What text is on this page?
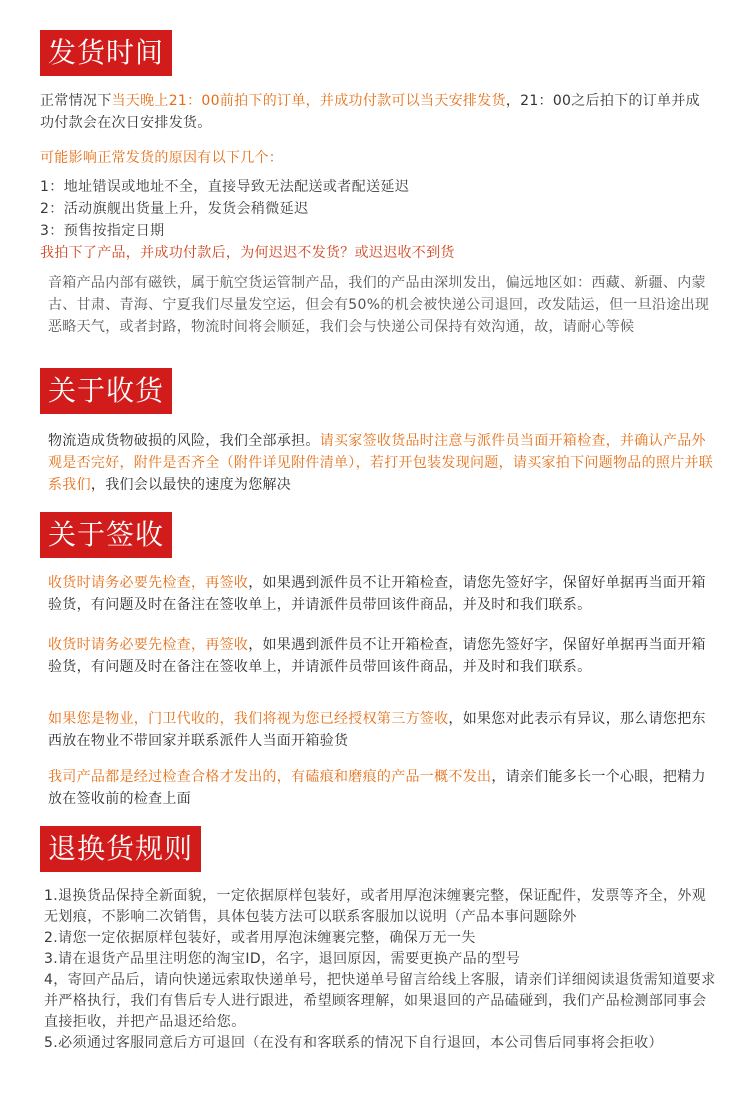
发货时间

正常情况下当天晚上21：00前拍下的订单，并成功付款可以当天安排发货，21：00之后拍下的订单并成功付款会在次日安排发货。

可能影响正常发货的原因有以下几个：

1：地址错误或地址不全，直接导致无法配送或者配送延迟
2：活动旗舰出货量上升，发货会稍微延迟
3：预售按指定日期

我拍下了产品，并成功付款后，为何迟迟不发货？或迟迟收不到货

音箱产品内部有磁铁，属于航空货运管制产品，我们的产品由深圳发出，偏远地区如：西藏、新疆、内蒙古、甘肃、青海、宁夏我们尽量发空运，但会有50%的机会被快递公司退回，改发陆运，但一旦沿途出现恶略天气，或者封路，物流时间将会顺延，我们会与快递公司保持有效沟通，故，请耐心等候

关于收货

物流造成货物破损的风险，我们全部承担。请买家签收货品时注意与派件员当面开箱检查，并确认产品外观是否完好，附件是否齐全（附件详见附件清单），若打开包装发现问题，请买家拍下问题物品的照片并联系我们，我们会以最快的速度为您解决

关于签收

收货时请务必要先检查，再签收，如果遇到派件员不让开箱检查，请您先签好字，保留好单据再当面开箱验货，有问题及时在备注在签收单上，并请派件员带回该件商品，并及时和我们联系。

收货时请务必要先检查，再签收，如果遇到派件员不让开箱检查，请您先签好字，保留好单据再当面开箱验货，有问题及时在备注在签收单上，并请派件员带回该件商品，并及时和我们联系。

如果您是物业，门卫代收的，我们将视为您已经授权第三方签收，如果您对此表示有异议，那么请您把东西放在物业不带回家并联系派件人当面开箱验货

我司产品都是经过检查合格才发出的，有磕痕和磨痕的产品一概不发出，请亲们能多长一个心眼，把精力放在签收前的检查上面

退换货规则
1.退换货品保持全新面貌，一定依据原样包装好，或者用厚泡沫缠裹完整，保证配件，发票等齐全，外观无划痕，不影响二次销售，具体包装方法可以联系客服加以说明（产品本事问题除外
2.请您一定依据原样包装好，或者用厚泡沫缠裹完整，确保万无一失
3.请在退货产品里注明您的淘宝ID，名字，退回原因，需要更换产品的型号
4，寄回产品后，请向快递远索取快递单号，把快递单号留言给线上客服，请亲们详细阅读退货需知道要求并严格执行，我们有售后专人进行跟进，希望顾客理解，如果退回的产品磕碰到，我们产品检测部同事会直接拒收，并把产品退还给您。
5.必须通过客服同意后方可退回（在没有和客联系的情况下自行退回，本公司售后同事将会拒收）
